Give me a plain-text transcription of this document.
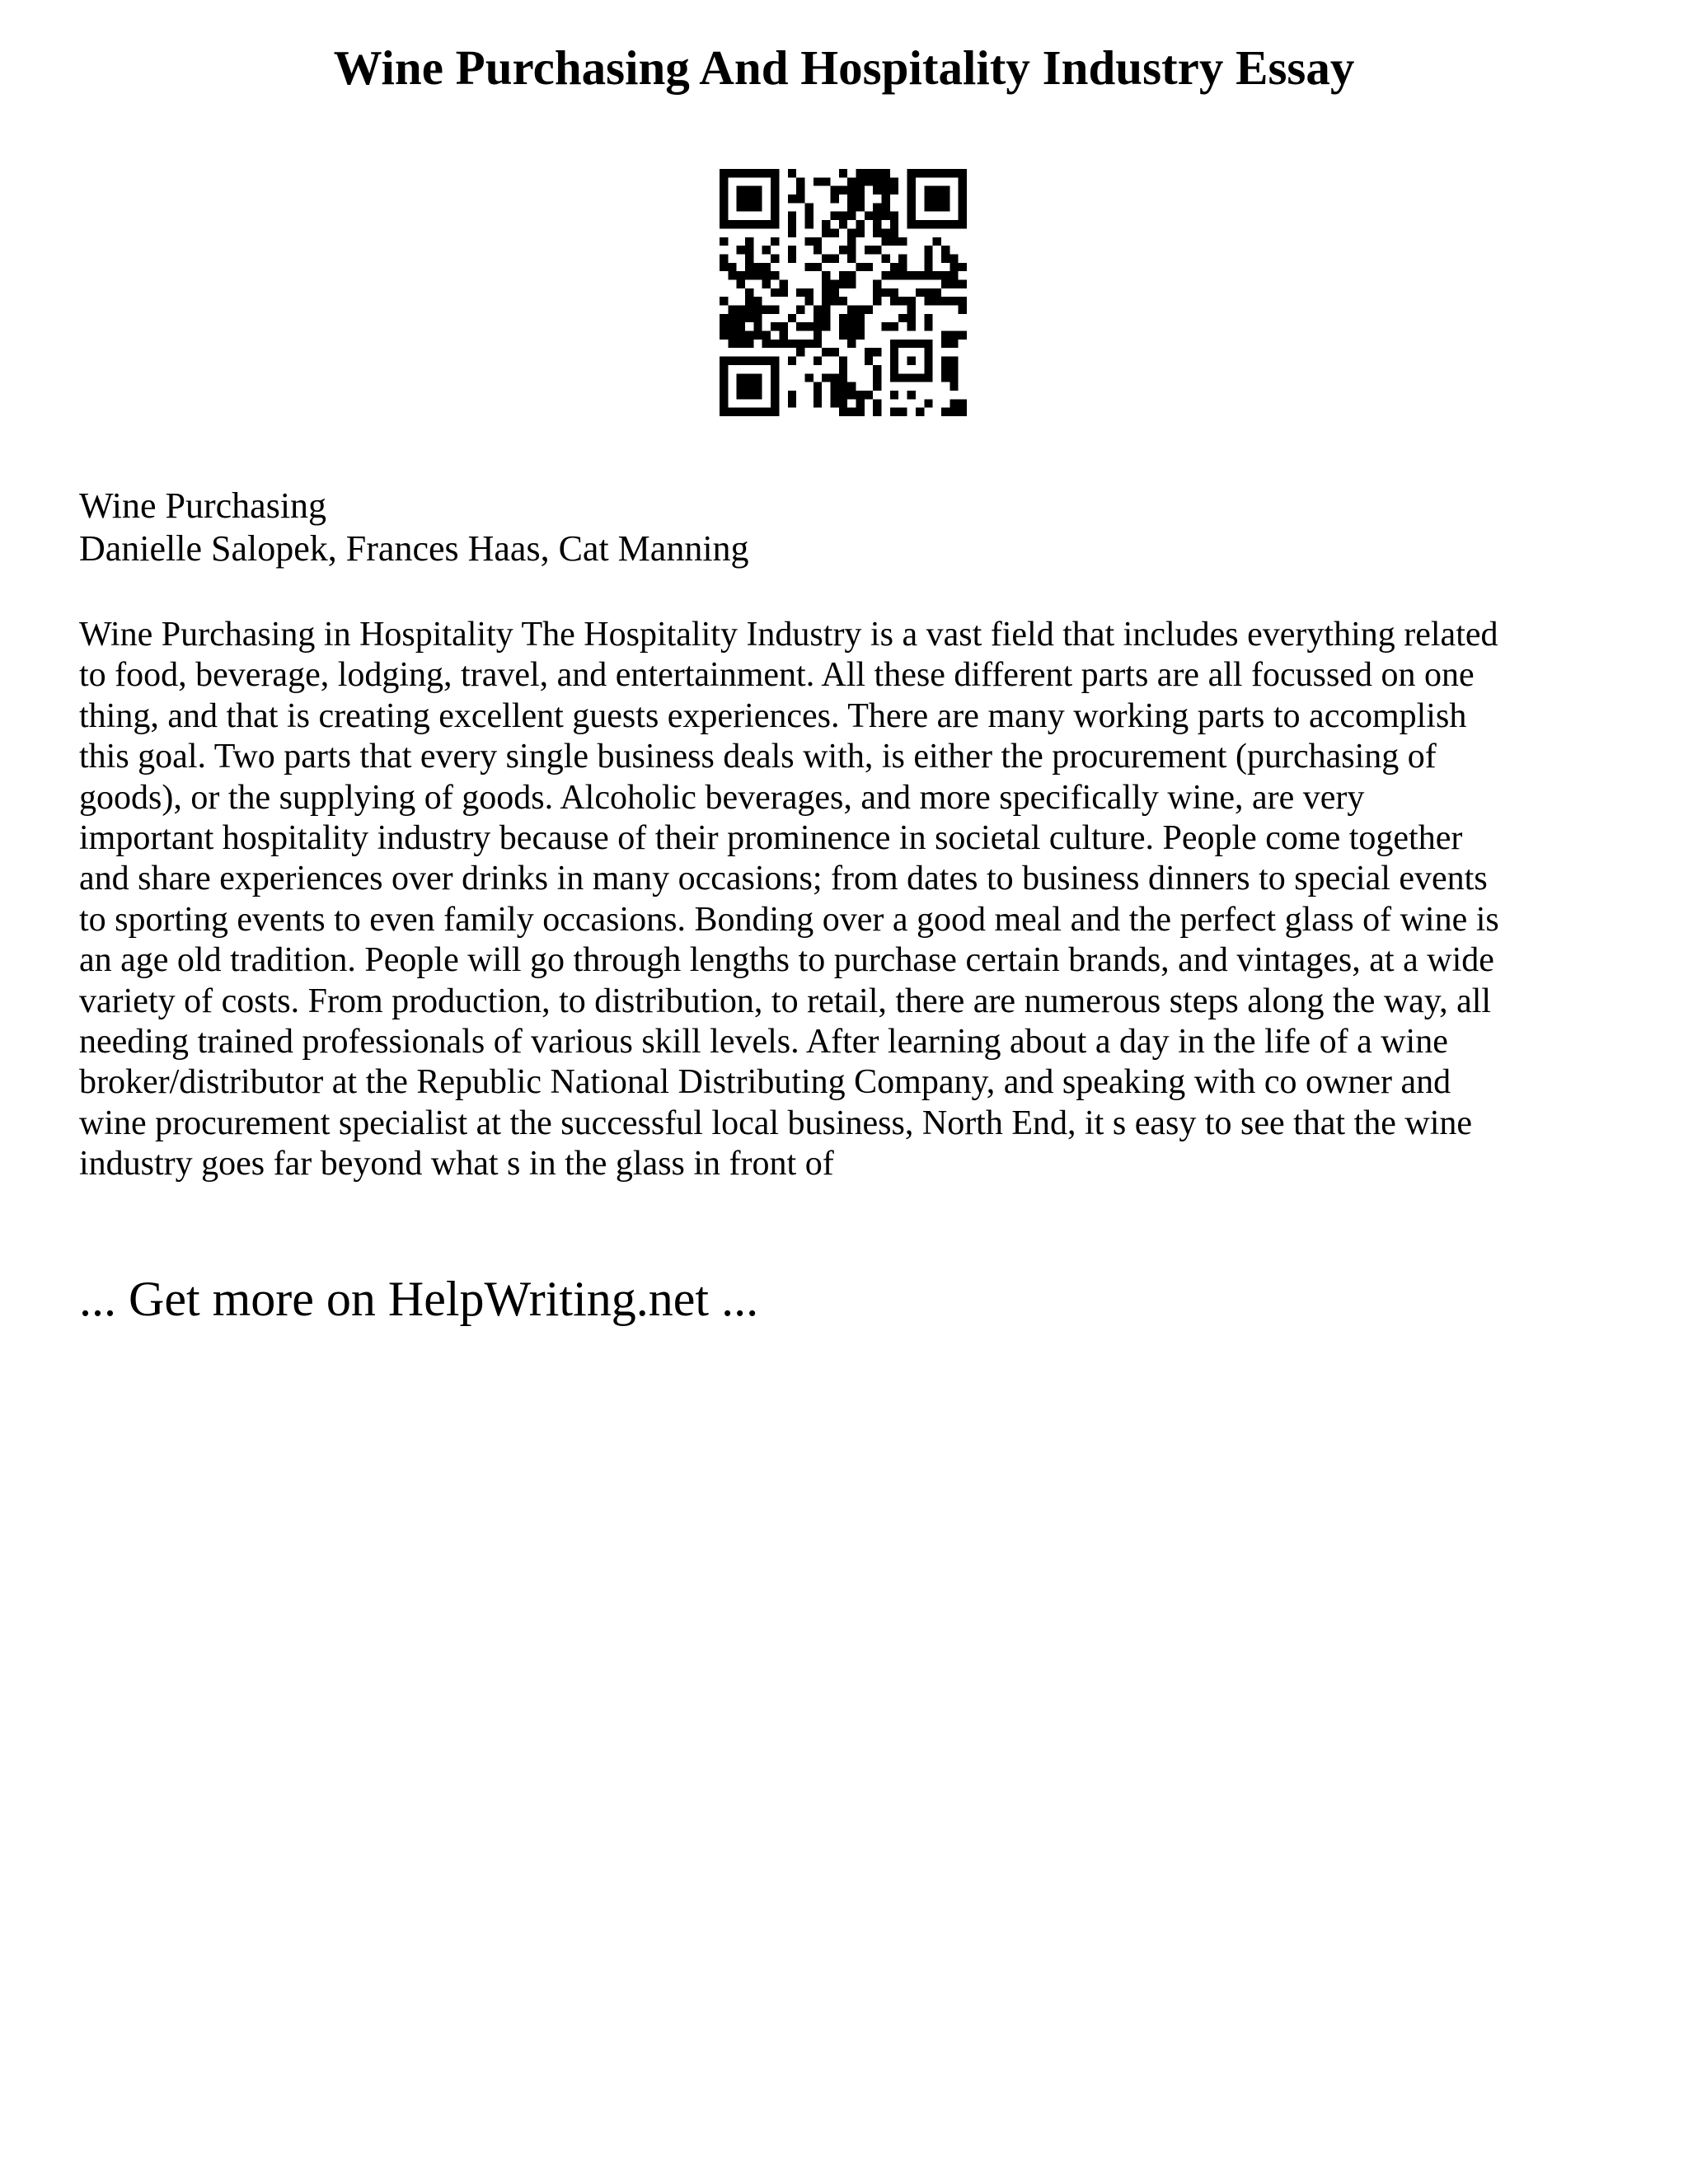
Wine Purchasing And Hospitality Industry Essay
Wine Purchasing
Danielle Salopek, Frances Haas, Cat Manning
Wine Purchasing in Hospitality The Hospitality Industry is a vast field that includes everything related
to food, beverage, lodging, travel, and entertainment. All these different parts are all focussed on one
thing, and that is creating excellent guests experiences. There are many working parts to accomplish
this goal. Two parts that every single business deals with, is either the procurement (purchasing of
goods), or the supplying of goods. Alcoholic beverages, and more specifically wine, are very
important hospitality industry because of their prominence in societal culture. People come together
and share experiences over drinks in many occasions; from dates to business dinners to special events
to sporting events to even family occasions. Bonding over a good meal and the perfect glass of wine is
an age old tradition. People will go through lengths to purchase certain brands, and vintages, at a wide
variety of costs. From production, to distribution, to retail, there are numerous steps along the way, all
needing trained professionals of various skill levels. After learning about a day in the life of a wine
broker/distributor at the Republic National Distributing Company, and speaking with co owner and
wine procurement specialist at the successful local business, North End, it s easy to see that the wine
industry goes far beyond what s in the glass in front of
... Get more on HelpWriting.net ...
